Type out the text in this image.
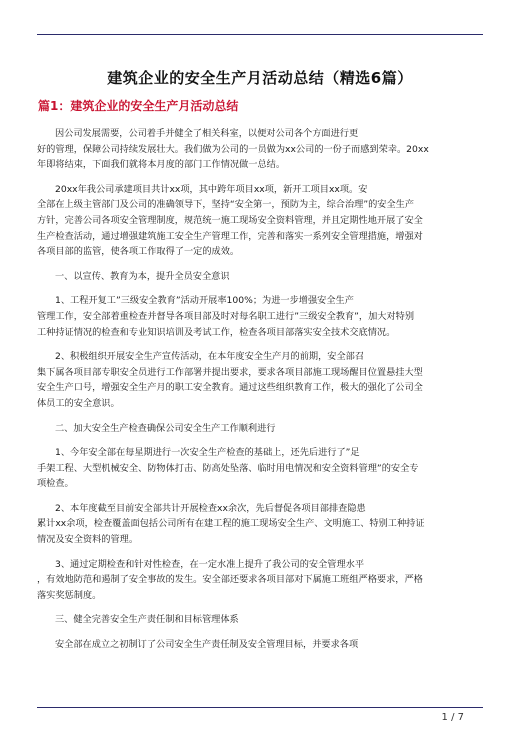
建筑企业的安全生产月活动总结（精选6篇）
篇1：建筑企业的安全生产月活动总结
因公司发展需要，公司着手并健全了相关科室，以便对公司各个方面进行更
好的管理，保障公司持续发展壮大。我们做为公司的一员做为xx公司的一份子而感到荣幸。20xx
年即将结束，下面我们就将本月度的部门工作情况做一总结。
20xx年我公司承建项目共计xx项，其中跨年项目xx项，新开工项目xx项。安
全部在上级主管部门及公司的准确领导下，坚持“安全第一，预防为主，综合治理”的安全生产
方针，完善公司各项安全管理制度，规范统一施工现场安全资料管理，并且定期性地开展了安全
生产检查活动，通过增强建筑施工安全生产管理工作，完善和落实一系列安全管理措施，增强对
各项目部的监管，使各项工作取得了一定的成效。
一、以宣传、教育为本，提升全员安全意识
1、工程开复工”三级安全教育”活动开展率100%；为进一步增强安全生产
管理工作，安全部着重检查并督导各项目部及时对每名职工进行”三级安全教育”，加大对特别
工种持证情况的检查和专业知识培训及考试工作，检查各项目部落实安全技术交底情况。
2、积极组织开展安全生产宣传活动，在本年度安全生产月的前期，安全部召
集下属各项目部专职安全员进行工作部署并提出要求，要求各项目部施工现场醒目位置悬挂大型
安全生产口号，增强安全生产月的职工安全教育。通过这些组织教育工作，极大的强化了公司全
体员工的安全意识。
二、加大安全生产检查确保公司安全生产工作顺利进行
1、今年安全部在每星期进行一次安全生产检查的基础上，还先后进行了”足
手架工程、大型机械安全、防物体打击、防高处坠落、临时用电情况和安全资料管理”的安全专
项检查。
2、本年度截至目前安全部共计开展检查xx余次，先后督促各项目部排查隐患
累计xx余项，检查覆盖面包括公司所有在建工程的施工现场安全生产、文明施工、特别工种持证
情况及安全资料的管理。
3、通过定期检查和针对性检查，在一定水准上提升了我公司的安全管理水平
，有效地防范和遏制了安全事故的发生。安全部还要求各项目部对下属施工班组严格要求，严格
落实奖惩制度。
三、健全完善安全生产责任制和目标管理体系
安全部在成立之初制订了公司安全生产责任制及安全管理目标，并要求各项
1 / 7
